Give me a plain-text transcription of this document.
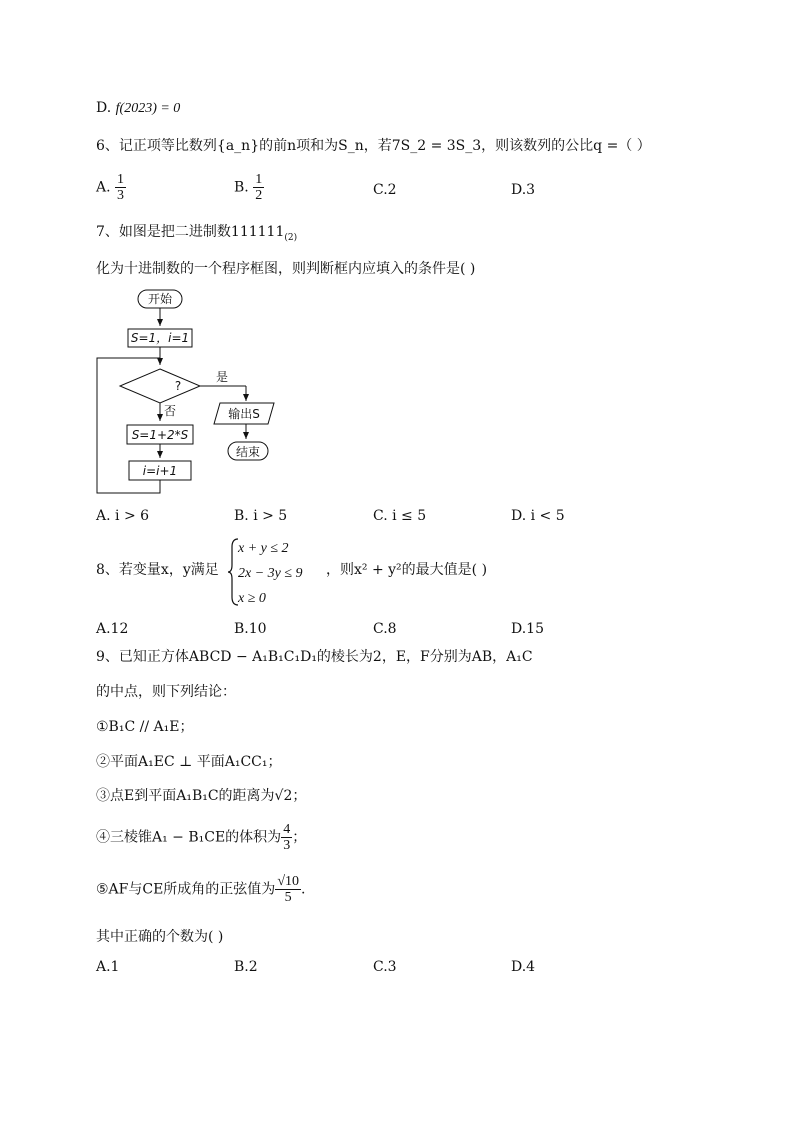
D. f(2023) = 0
6、记正项等比数列{a_n}的前n项和为S_n，若7S_2 = 3S_3，则该数列的公比q =（ ）
A. $\frac{1}{3}$	B. $\frac{1}{2}$	C.2	D.3
7、如图是把二进制数$111111_{(2)}$
化为十进制数的一个程序框图，则判断框内应填入的条件是( )
开始
S=1，i=1
?
是
否	输出S
结束
S=1+2*S
i=i+1
A. i > 6	B. i > 5	C. i ≤ 5	D. i < 5
8、若变量x，y满足
x + y ≤ 2
2x − 3y ≤ 9
x ≥ 0
，则x² + y²的最大值是( )
A.12	B.10	C.8	D.15
9、已知正方体ABCD − A₁B₁C₁D₁的棱长为2，E，F分别为AB，A₁C
的中点，则下列结论：
①B₁C // A₁E；
②平面A₁EC ⊥ 平面A₁CC₁；
③点E到平面A₁B₁C的距离为√2；
④三棱锥A₁ − B₁CE的体积为 $\frac{4}{3}$ ；
⑤AF与CE所成角的正弦值为 $\frac{√10}{5}$ .
其中正确的个数为( )
A.1	B.2	C.3	D.4
